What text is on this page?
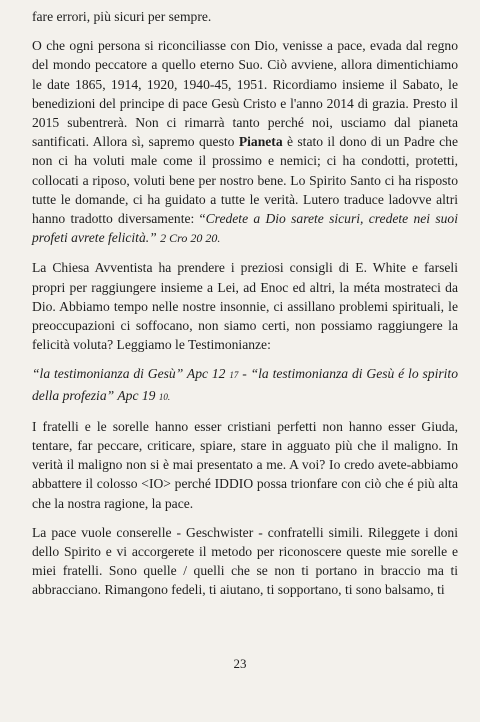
fare errori, più sicuri per sempre.

O che ogni persona si riconciliasse con Dio, venisse a pace, evada dal regno del mondo peccatore a quello eterno Suo. Ciò avviene, allora dimentichiamo le date 1865, 1914, 1920, 1940-45, 1951. Ricordiamo insieme il Sabato, le benedizioni del principe di pace Gesù Cristo e l'anno 2014 di grazia. Presto il 2015 subentrerà. Non ci rimarrà tanto perché noi, usciamo dal pianeta santificati. Allora sì, sapremo questo Pianeta è stato il dono di un Padre che non ci ha voluti male come il prossimo e nemici; ci ha condotti, protetti, collocati a riposo, voluti bene per nostro bene. Lo Spirito Santo ci ha risposto tutte le domande, ci ha guidato a tutte le verità. Lutero traduce ladovve altri hanno tradotto diversamente: “Credete a Dio sarete sicuri, credete nei suoi profeti avrete felicità.” 2 Cro 20 20.

La Chiesa Avventista ha prendere i preziosi consigli di E. White e farseli propri per raggiungere insieme a Lei, ad Enoc ed altri, la méta mostrateci da Dio. Abbiamo tempo nelle nostre insonnie, ci assillano problemi spirituali, le preoccupazioni ci soffocano, non siamo certi, non possiamo raggiungere la felicità voluta? Leggiamo le Testimonianze:

“la testimonianza di Gesù” Apc 12 17 - “la testimonianza di Gesù é lo spirito della profezia” Apc 19 10.

I fratelli e le sorelle hanno esser cristiani perfetti non hanno esser Giuda, tentare, far peccare, criticare, spiare, stare in agguato più che il maligno. In verità il maligno non si è mai presentato a me. A voi? Io credo avete-abbiamo abbattere il colosso <IO> perché IDDIO possa trionfare con ciò che é più alta che la nostra ragione, la pace.

La pace vuole conserelle - Geschwister - confratelli simili. Rileggete i doni dello Spirito e vi accorgerete il metodo per riconoscere queste mie sorelle e miei fratelli. Sono quelle / quelli che se non ti portano in braccio ma ti abbracciano. Rimangono fedeli, ti aiutano, ti sopportano, ti sono balsamo, ti

23
